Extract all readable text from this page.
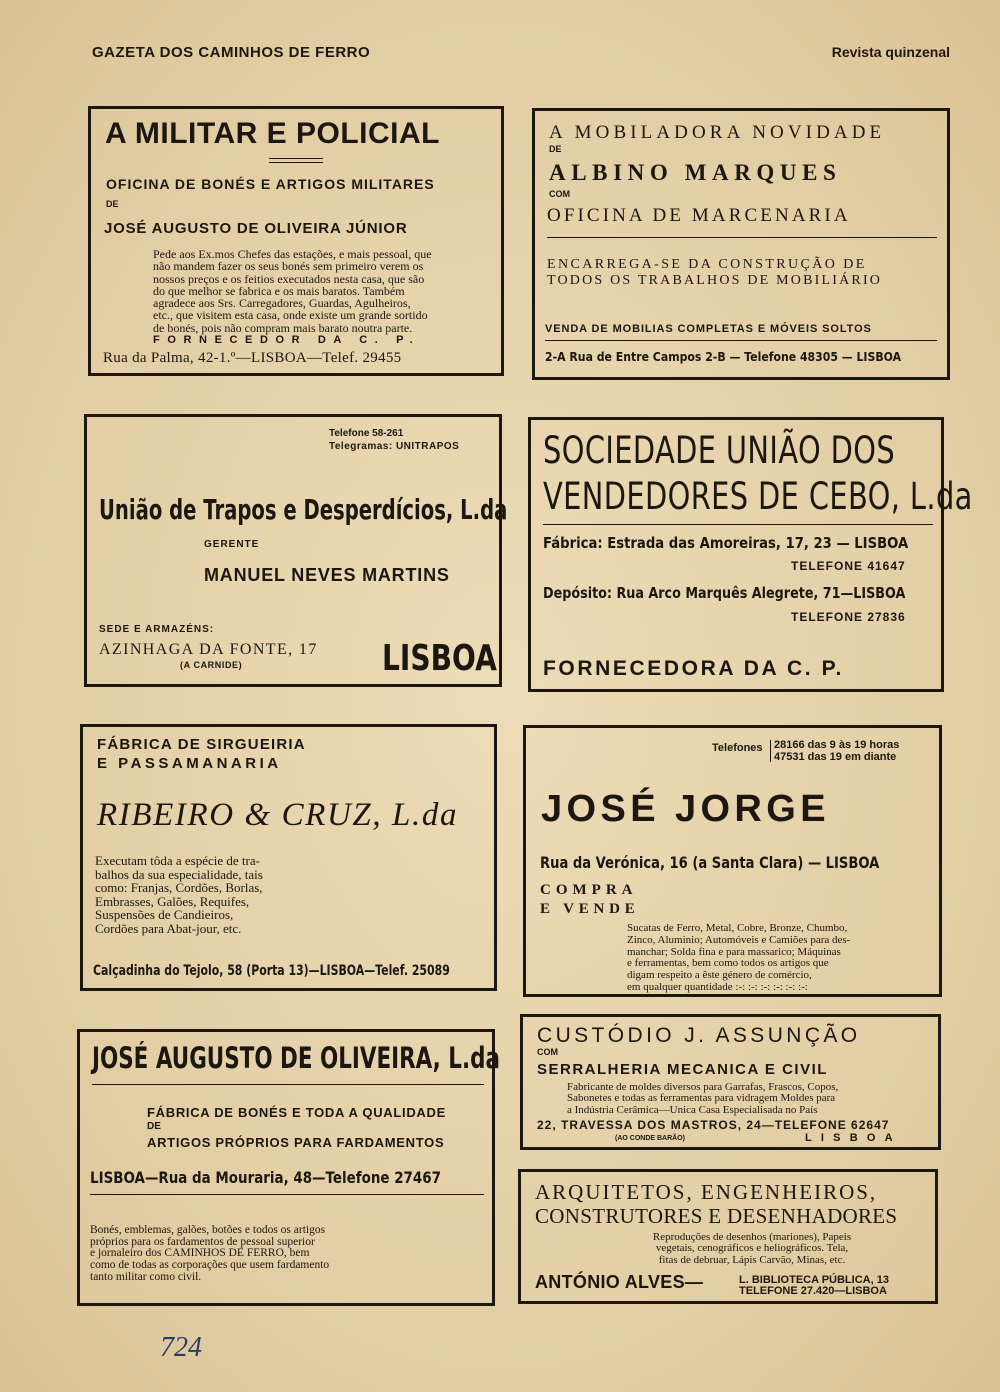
GAZETA DOS CAMINHOS DE FERRO	Revista quinzenal

A MILITAR E POLICIAL

OFICINA DE BONÉS E ARTIGOS MILITARES

DE

JOSÉ AUGUSTO DE OLIVEIRA JÚNIOR

Pede aos Ex.mos Chefes das estações, e mais pessoal, que
não mandem fazer os seus bonés sem primeiro verem os
nossos preços e os feitios executados nesta casa, que são
do que melhor se fabrica e os mais baratos. Também
agradece aos Srs. Carregadores, Guardas, Agulheiros,
etc., que visitem esta casa, onde existe um grande sortido
de bonés, pois não compram mais barato noutra parte.

FORNECEDOR DA C. P.

Rua da Palma, 42-1.º—LISBOA—Telef. 29455

A MOBILADORA NOVIDADE

DE

ALBINO MARQUES

COM

OFICINA DE MARCENARIA

ENCARREGA-SE DA CONSTRUÇÃO DE

TODOS OS TRABALHOS DE MOBILIÁRIO

VENDA DE MOBILIAS COMPLETAS E MÓVEIS SOLTOS

2-A Rua de Entre Campos 2-B — Telefone 48305 — LISBOA

Telefone 58-261

Telegramas: UNITRAPOS

União de Trapos e Desperdícios, L.da

GERENTE

MANUEL NEVES MARTINS

SEDE E ARMAZÉNS:

AZINHAGA DA FONTE, 17

(A CARNIDE)	LISBOA

SOCIEDADE UNIÃO DOS

VENDEDORES DE CEBO, L.da

Fábrica: Estrada das Amoreiras, 17, 23 — LISBOA

TELEFONE 41647

Depósito: Rua Arco Marquês Alegrete, 71—LISBOA

TELEFONE 27836

FORNECEDORA DA C. P.

FÁBRICA DE SIRGUEIRIA

E PASSAMANARIA

RIBEIRO & CRUZ, L.da

Executam tôda a espécie de tra-
balhos da sua especialidade, tais
como: Franjas, Cordões, Borlas,
Embrasses, Galões, Requifes,
Suspensões de Candieiros,
Cordões para Abat-jour, etc.

Calçadinha do Tejolo, 58 (Porta 13)—LISBOA—Telef. 25089

Telefones 28166 das 9 às 19 horas

47531 das 19 em diante

JOSÉ JORGE

Rua da Verónica, 16 (a Santa Clara) — LISBOA

COMPRA

E VENDE

Sucatas de Ferro, Metal, Cobre, Bronze, Chumbo,
Zinco, Aluminio; Automóveis e Camiões para des-
manchar; Solda fina e para massarico; Máquinas
e ferramentas, bem como todos os artigos que
digam respeito a êste género de comércio,
em qualquer quantidade :-: :-: :-: :-: :-: :-:

JOSÉ AUGUSTO DE OLIVEIRA, L.da

FÁBRICA DE BONÉS E TODA A QUALIDADE

DE

ARTIGOS PRÓPRIOS PARA FARDAMENTOS

LISBOA—Rua da Mouraria, 48—Telefone 27467

Bonés, emblemas, galões, botões e todos os artigos
próprios para os fardamentos de pessoal superior
e jornaleiro dos CAMINHOS DE FERRO, bem
como de todas as corporações que usem fardamento
tanto militar como civil.

CUSTÓDIO J. ASSUNÇÃO

COM

SERRALHERIA MECANICA E CIVIL

Fabricante de moldes diversos para Garrafas, Frascos, Copos,
Sabonetes e todas as ferramentas para vidragem Moldes para
a Indústria Cerâmica—Unica Casa Especialisada no País

22, TRAVESSA DOS MASTROS, 24—TELEFONE 62647

(AO CONDE BARÃO)	LISBOA

ARQUITETOS, ENGENHEIROS,

CONSTRUTORES E DESENHADORES

Reproduções de desenhos (mariones), Papeis
vegetais, cenográficos e heliográficos. Tela,
fitas de debruar, Lápis Carvão, Minas, etc.

ANTÓNIO ALVES—	L. BIBLIOTECA PÚBLICA, 13

TELEFONE 27.420—LISBOA

724
